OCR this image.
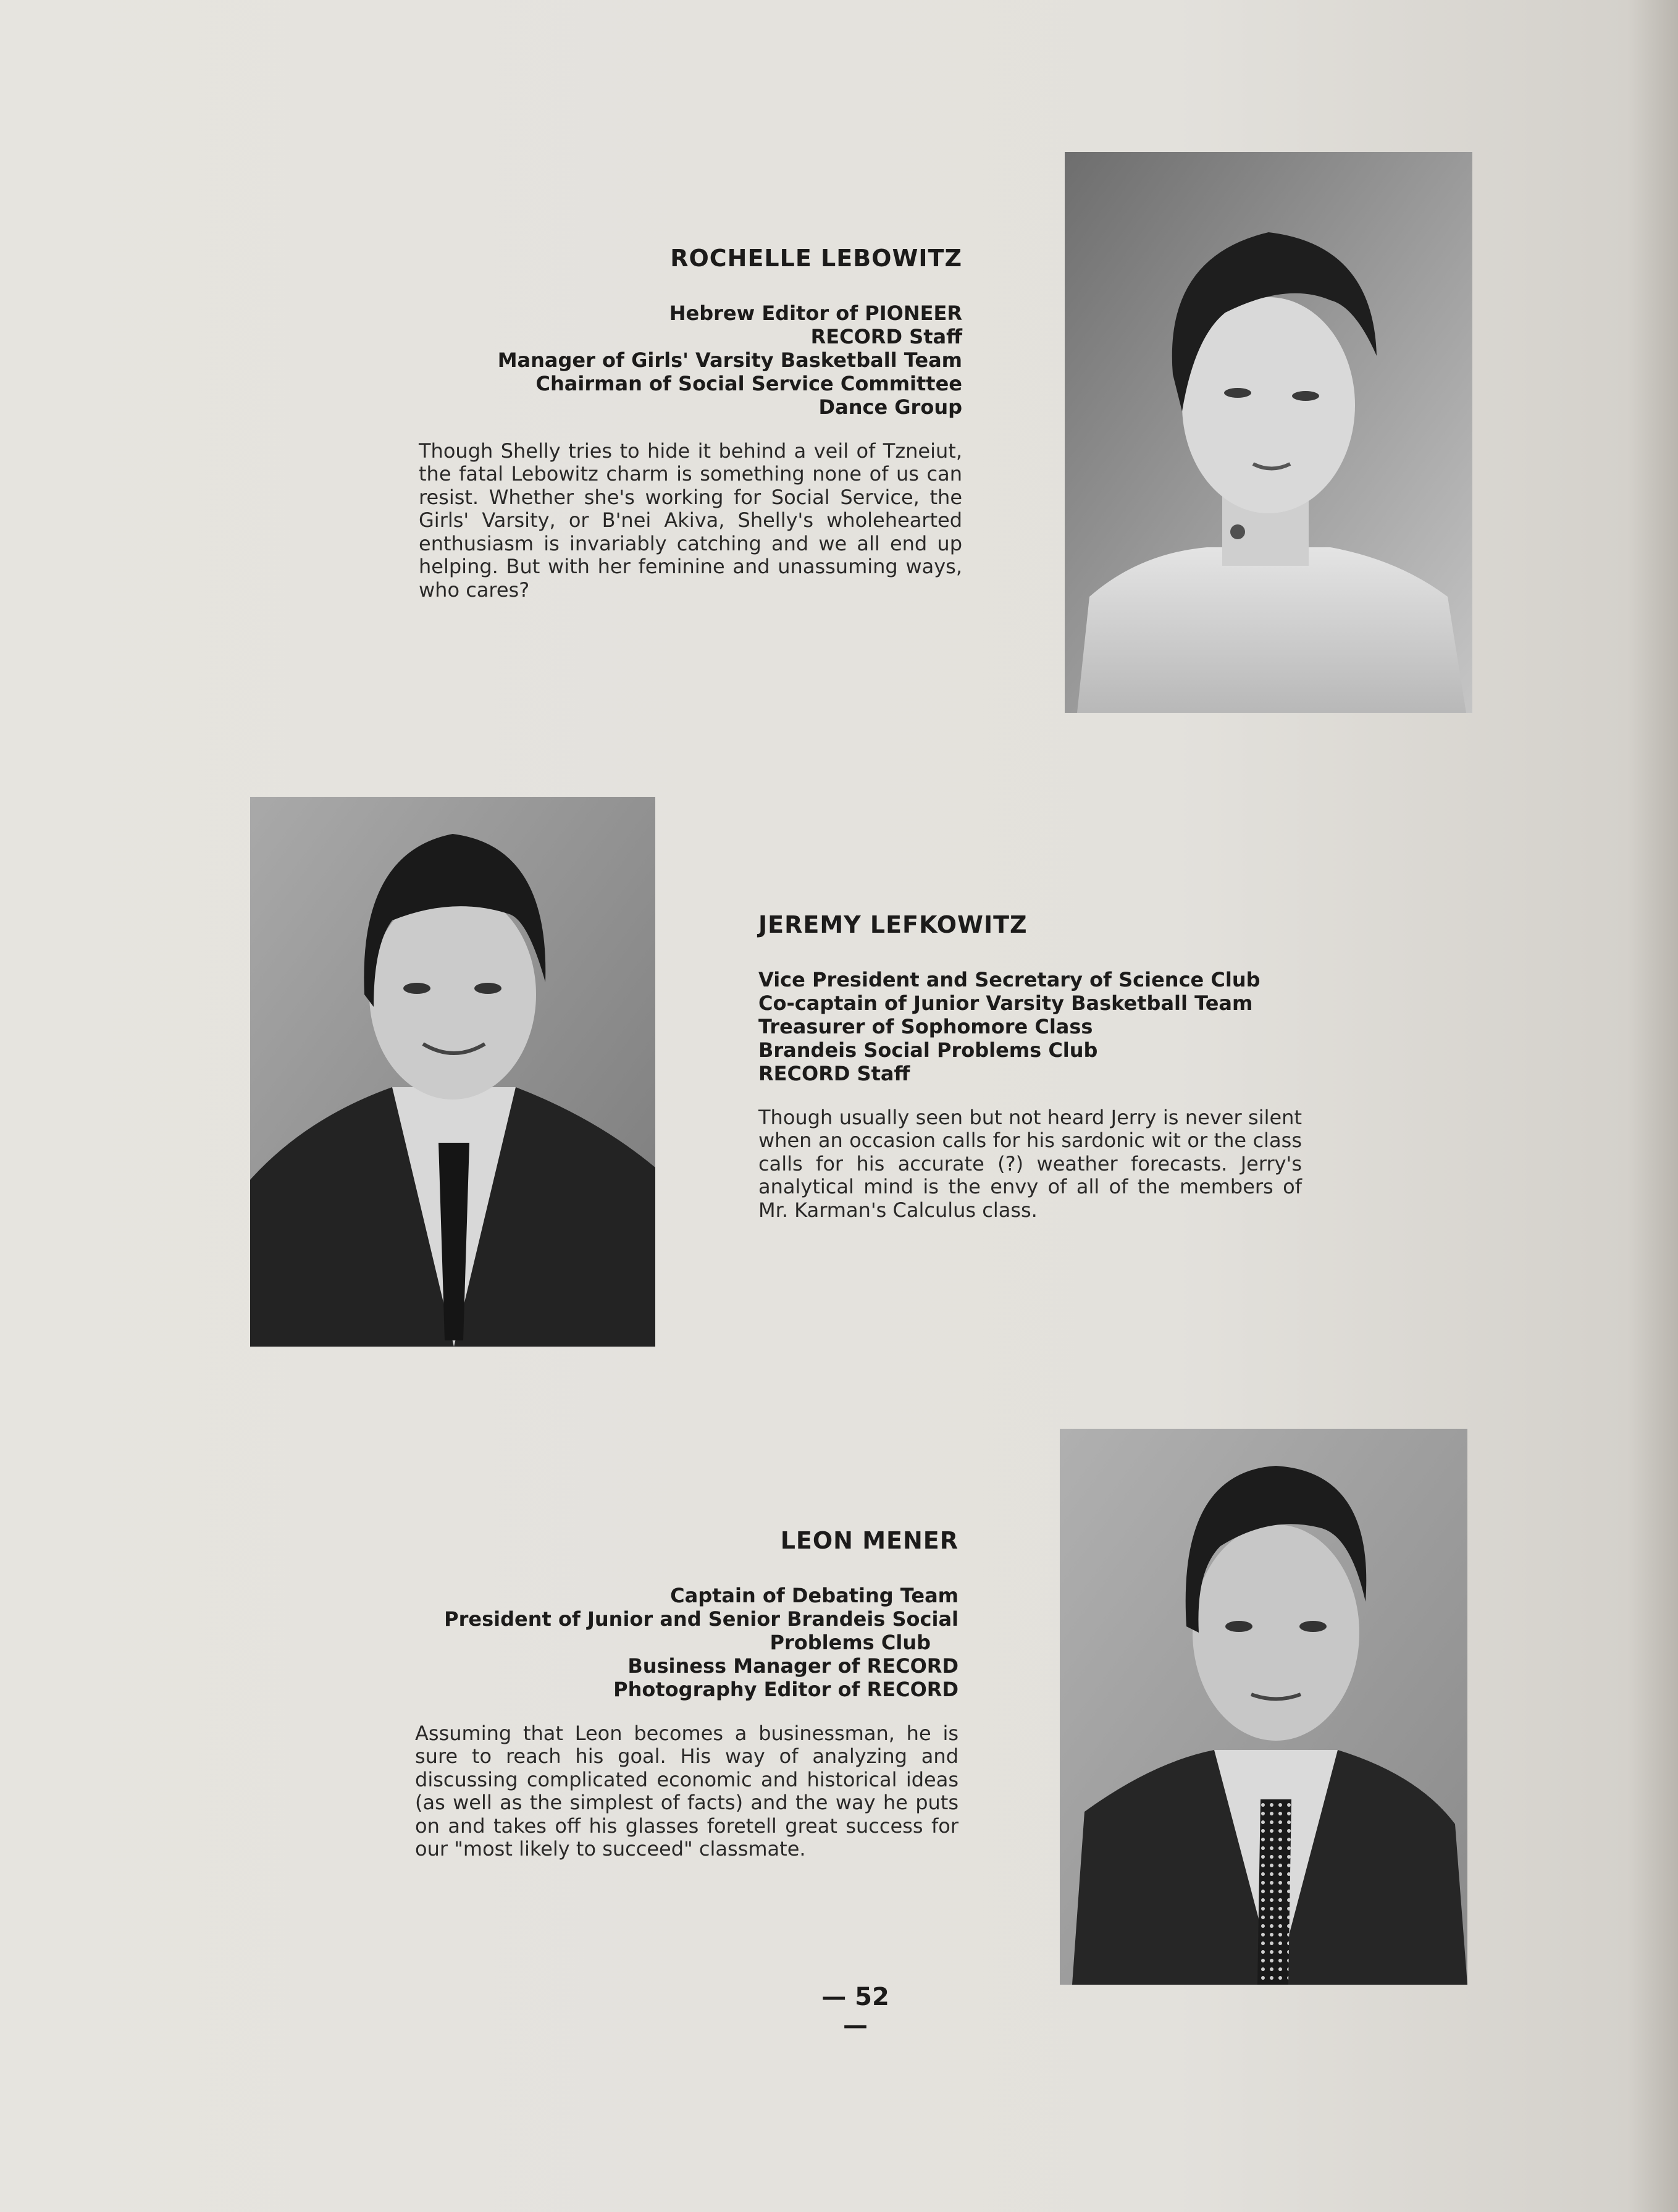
ROCHELLE LEBOWITZ
Hebrew Editor of PIONEER
RECORD Staff
Manager of Girls' Varsity Basketball Team
Chairman of Social Service Committee
Dance Group

Though Shelly tries to hide it behind a veil of Tzneiut, the fatal Lebowitz charm is something none of us can resist. Whether she's working for Social Service, the Girls' Varsity, or B'nei Akiva, Shelly's wholehearted enthusiasm is invariably catching and we all end up helping. But with her feminine and unassuming ways, who cares?

JEREMY LEFKOWITZ
Vice President and Secretary of Science Club
Co-captain of Junior Varsity Basketball Team
Treasurer of Sophomore Class
Brandeis Social Problems Club
RECORD Staff

Though usually seen but not heard Jerry is never silent when an occasion calls for his sardonic wit or the class calls for his accurate (?) weather forecasts. Jerry's analytical mind is the envy of all of the members of Mr. Karman's Calculus class.

LEON MENER
Captain of Debating Team
President of Junior and Senior Brandeis Social
Problems Club
Business Manager of RECORD
Photography Editor of RECORD

Assuming that Leon becomes a businessman, he is sure to reach his goal. His way of analyzing and discussing complicated economic and historical ideas (as well as the simplest of facts) and the way he puts on and takes off his glasses foretell great success for our "most likely to succeed" classmate.

— 52 —
